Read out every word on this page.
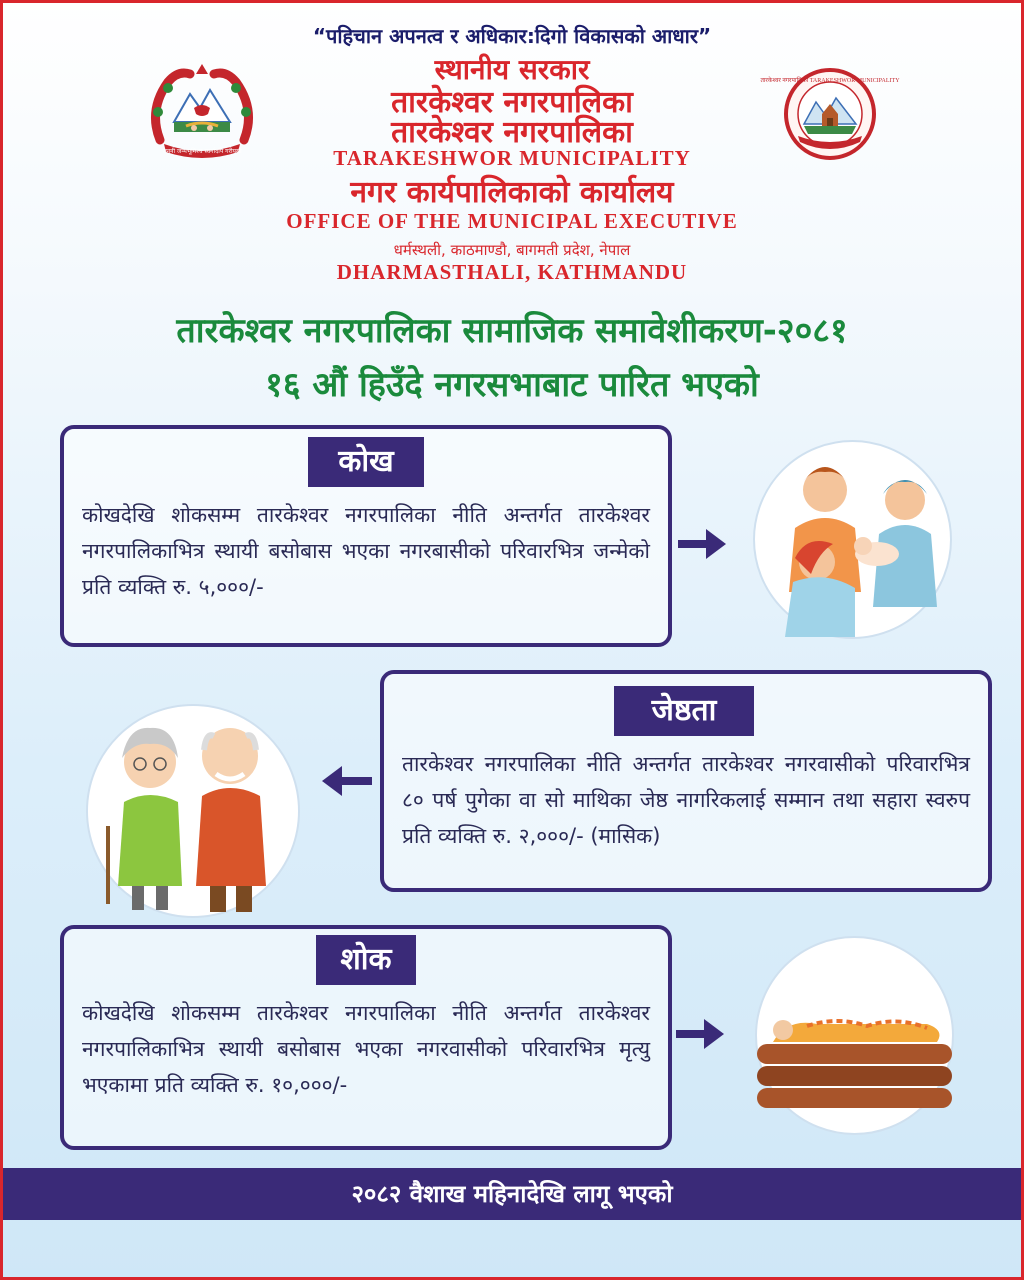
जननी जन्मभूमिश्च स्वर्गादपि गरीयसी
तारकेश्वर नगरपालिका TARAKESHWOR MUNICIPALITY
“पहिचान अपनत्व र अधिकार:दिगो विकासको आधार”
स्थानीय सरकार
तारकेश्वर नगरपालिका
तारकेश्वर नगरपालिका
TARAKESHWOR MUNICIPALITY
नगर कार्यपालिकाको कार्यालय
OFFICE OF THE MUNICIPAL EXECUTIVE
धर्मस्थली, काठमाण्डौ, बागमती प्रदेश, नेपाल
DHARMASTHALI, KATHMANDU
तारकेश्वर नगरपालिका सामाजिक समावेशीकरण-२०८१
१६ औं हिउँदे नगरसभाबाट पारित भएको
कोख
कोखदेखि शोकसम्म तारकेश्वर नगरपालिका नीति अन्तर्गत तारकेश्वर नगरपालिकाभित्र स्थायी बसोबास भएका नगरबासीको परिवारभित्र जन्मेको प्रति व्यक्ति रु. ५,०००/-
जेष्ठता
तारकेश्वर नगरपालिका नीति अन्तर्गत तारकेश्वर नगरवासीको परिवारभित्र ८० पर्ष पुगेका वा सो माथिका जेष्ठ नागरिकलाई सम्मान तथा सहारा स्वरुप प्रति व्यक्ति रु. २,०००/- (मासिक)
शोक
कोखदेखि शोकसम्म तारकेश्वर नगरपालिका नीति अन्तर्गत तारकेश्वर नगरपालिकाभित्र स्थायी बसोबास भएका नगरवासीको परिवारभित्र मृत्यु भएकामा प्रति व्यक्ति रु. १०,०००/-
२०८२ वैशाख महिनादेखि लागू भएको
